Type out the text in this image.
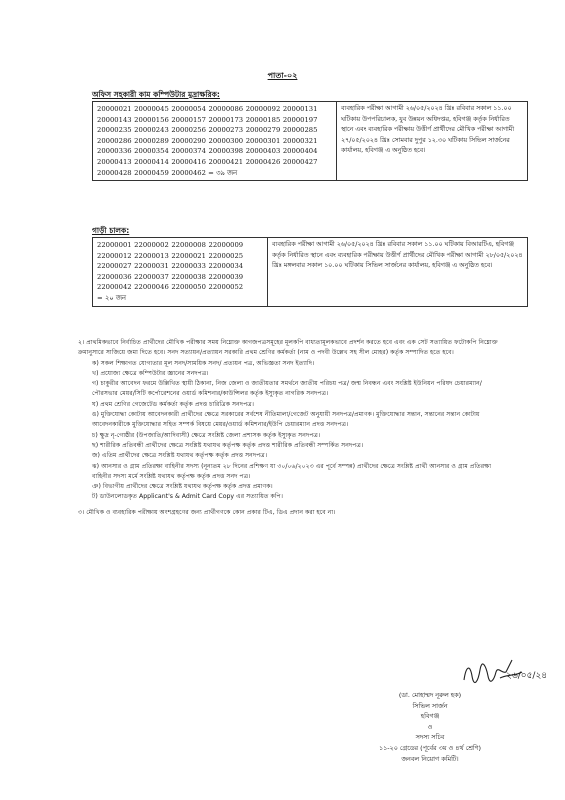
পাতা-০২
অফিস সহকারী কাম কম্পিউটার মুদ্রাক্ষরিক:
20000021 20000045 20000054 20000086 20000092 20000131
20000143 20000156 20000157 20000173 20000185 20000197
20000235 20000243 20000256 20000273 20000279 20000285
20000286 20000289 20000290 20000300 20000301 20000321
20000336 20000354 20000374 20000398 20000403 20000404
20000413 20000414 20000416 20000421 20000426 20000427
20000428 20000459 20000462 = ৩৯ জন
	ব্যবহারিক পরীক্ষা আগামী ২৬/০৫/২০২৪ খ্রিঃ রবিবার সকাল ১১.০০ ঘটিকায় উপপরিচালক, যুব উন্নয়ন অধিদপ্তর, হবিগঞ্জ কর্তৃক নির্ধারিত স্থানে এবং ব্যবহারিক পরীক্ষায় উত্তীর্ণ প্রার্থীদের মৌখিক পরীক্ষা আগামী ২৭/০৫/২০২৪ খ্রিঃ সোমবার দুপুর ১২.৩০ ঘটিকায় সিভিল সার্জনের কার্যালয়, হবিগঞ্জ এ অনুষ্ঠিত হবে।
গাড়ী চালক:
22000001 22000002 22000008 22000009
22000012 22000013 22000021 22000025
22000027 22000031 22000033 22000034
22000036 22000037 22000038 22000039
22000042 22000046 22000050 22000052
= ২০ জন
	ব্যবহারিক পরীক্ষা আগামী ২৬/০৫/২০২৪ খ্রিঃ রবিবার সকাল ১১.০০ ঘটিকায় বিআরটিএ, হবিগঞ্জ কর্তৃক নির্ধারিত স্থানে এবং ব্যবহারিক পরীক্ষায় উত্তীর্ণ প্রার্থীদের মৌখিক পরীক্ষা আগামী ২৮/০৫/২০২৪ খ্রিঃ মঙ্গলবার সকাল ১০.০০ ঘটিকায় সিভিল সার্জনের কার্যালয়, হবিগঞ্জ এ অনুষ্ঠিত হবে।

২। প্রাথমিকভাবে নির্বাচিত প্রার্থীদের মৌখিক পরীক্ষার সময় নিম্নোক্ত কাগজপত্রসমূহের মূলকপি বাধ্যতামূলকভাবে প্রদর্শন করতে হবে এবং এক সেট সত্যায়িত ফটোকপি নিম্নোক্ত ক্রমানুসারে সাজিয়ে জমা দিতে হবে। সনদ সত্যায়ন/প্রত্যায়ন সরকারি প্রথম শ্রেণির কর্মকর্তা (নাম ও পদবী উল্লেখ সহ সীল মোহর) কর্তৃক সম্পাদিত হতে হবে।

ক) সকল শিক্ষাগত যোগ্যতার মূল সনদ/সাময়িক সনদ/ প্রত্যয়ন পত্র, অভিজ্ঞতা সনদ ইত্যাদি।

খ) প্রযোজ্য ক্ষেত্রে কম্পিউটার জ্ঞানের সনদপত্র।

গ) চাকুরীর আবেদন ফরমে উল্লিখিত স্থায়ী ঠিকানা, নিজ জেলা ও জাতীয়তার সমর্থনে জাতীয় পরিচয় পত্র/ জন্ম নিবন্ধন এবং সংশ্লিষ্ট ইউনিয়ন পরিষদ চেয়ারম্যান/পৌরসভার মেয়র/সিটি কর্পোরেশনের ওয়ার্ড কমিশনার/কাউন্সিলর কর্তৃক ইস্যুকৃত নাগরিক সনদপত্র।

ঘ) প্রথম শ্রেণির গেজেটেড কর্মকর্তা কর্তৃক প্রদত্ত চারিত্রিক সনদপত্র।

ঙ) মুক্তিযোদ্ধা কোটায় আবেদনকারী প্রার্থীদের ক্ষেত্রে সরকারের সর্বশেষ নীতিমালা/গেজেট অনুযায়ী সনদপত্র/প্রমাণক। মুক্তিযোদ্ধার সন্তান, সন্তানের সন্তান কোটায় আবেদনকারীকে মুক্তিযোদ্ধার সহিত সম্পর্ক বিষয়ে মেয়র/ওয়ার্ড কমিশনার/ইউপি চেয়ারম্যান প্রদত্ত সনদপত্র।

চ) ক্ষুদ্র নৃ-গোষ্ঠীর (উপজাতি/আদিবাসী) ক্ষেত্রে সংশ্লিষ্ট জেলা প্রশাসক কর্তৃক ইস্যুকৃত সনদপত্র।

ছ) শারীরিক প্রতিবন্ধী প্রার্থীদের ক্ষেত্রে সংশ্লিষ্ট যথাযথ কর্তৃপক্ষ কর্তৃক প্রদত্ত শারীরিক প্রতিবন্ধী সম্পর্কিত সনদপত্র।

জ) এতিম প্রার্থীদের ক্ষেত্রে সংশ্লিষ্ট যথাযথ কর্তৃপক্ষ কর্তৃক প্রদত্ত সনদপত্র।

ঝ) আনসার ও গ্রাম প্রতিরক্ষা বাহিনীর সদস্য (নূন্যতম ২৮ দিনের প্রশিক্ষণ যা ৩০/০৬/২০২৩ এর পূর্বে সম্পন্ন) প্রার্থীদের ক্ষেত্রে সংশ্লিষ্ট প্রার্থী আনসার ও গ্রাম প্রতিরক্ষা বাহিনীর সদস্য মর্মে সংশ্লিষ্ট যথাযথ কর্তৃপক্ষ কর্তৃক প্রদত্ত সনদ পত্র।

ঞ) বিভাগীয় প্রার্থীদের ক্ষেত্রে সংশ্লিষ্ট যথাযথ কর্তৃপক্ষ কর্তৃক প্রদত্ত প্রমাণক।

ট) ডাউনলোডকৃত Applicant's & Admit Card Copy এর সত্যায়িত কপি।

৩। মৌখিক ও ব্যবহারিক পরীক্ষায় অংশগ্রহণের জন্য প্রার্থীগণকে কোন প্রকার টিএ, ডিএ প্রদান করা হবে না।

২৬/০৫/২৪
(ডা. মোহাম্মদ নূরুল হক)
সিভিল সার্জন
হবিগঞ্জ
ও
সদস্য সচিব
১১-২০ গ্রেডের (পূর্বের ৩য় ও ৪র্থ শ্রেণি)
জনবল নিয়োগ কমিটি।
